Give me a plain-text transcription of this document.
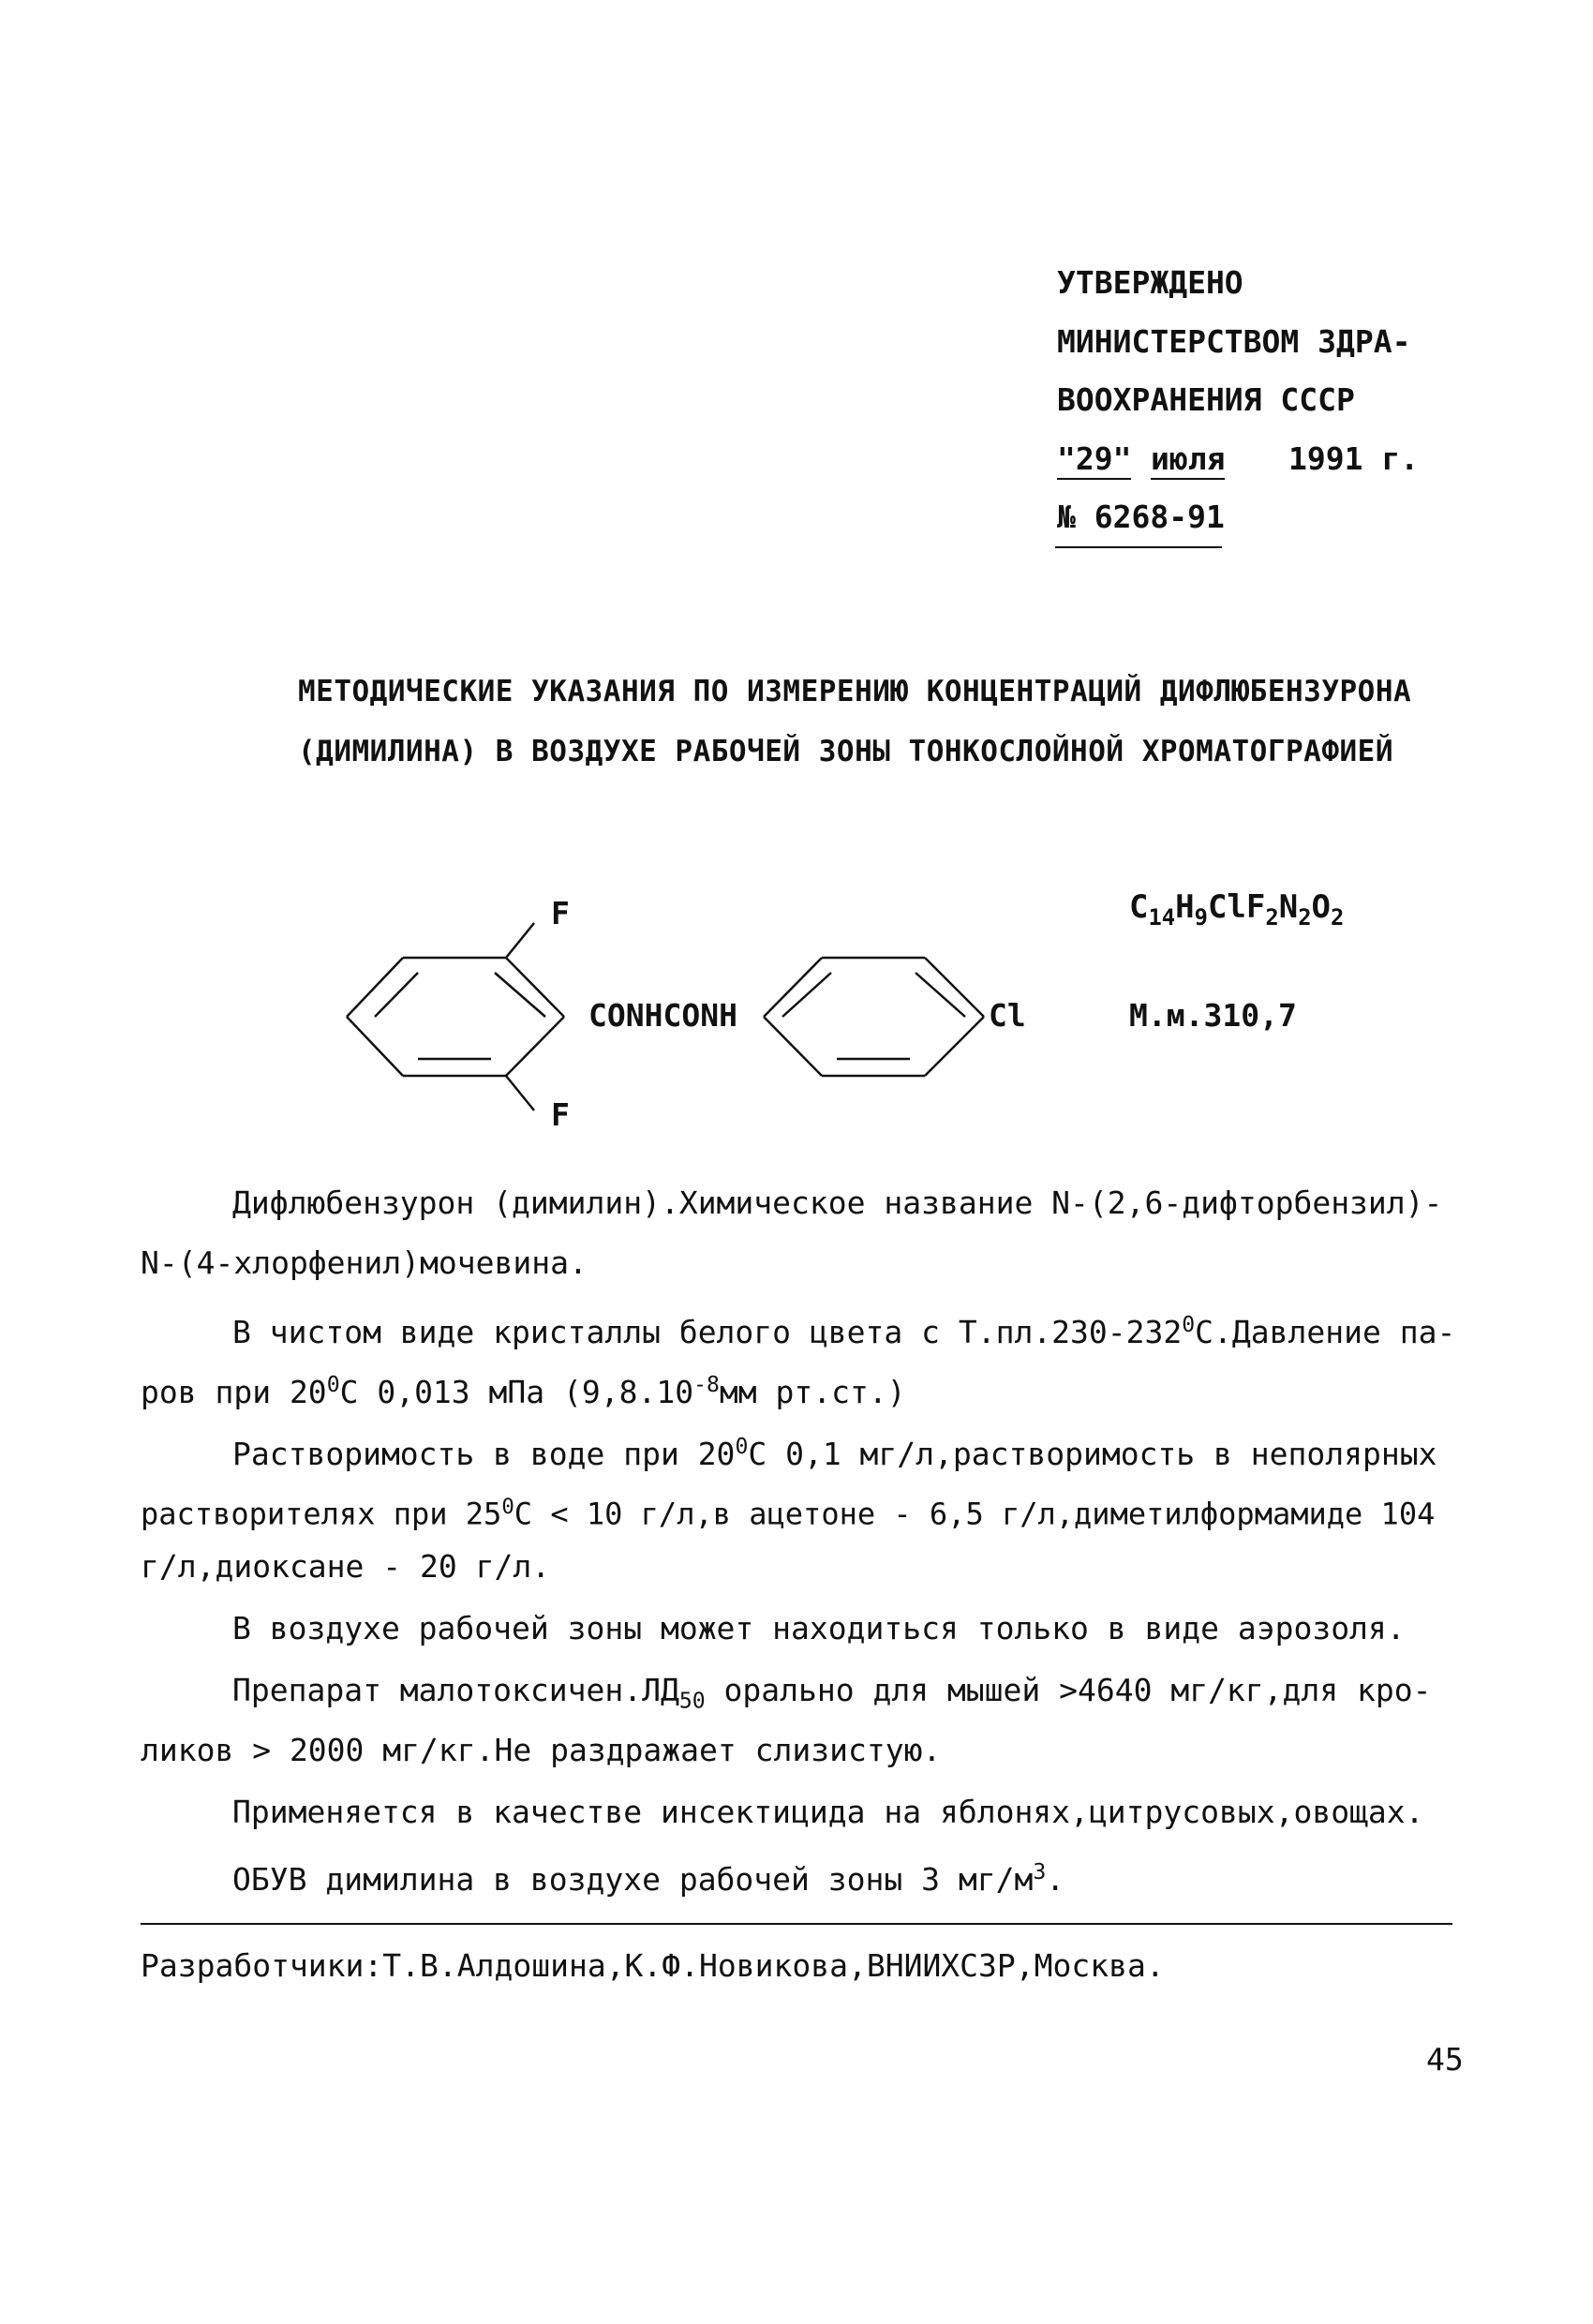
УТВЕРЖДЕНО
МИНИСТЕРСТВОМ ЗДРА-
ВООХРАНЕНИЯ СССР
"29" июля 1991 г.
№ 6268-91
МЕТОДИЧЕСКИЕ УКАЗАНИЯ ПО ИЗМЕРЕНИЮ КОНЦЕНТРАЦИЙ ДИФЛЮБЕНЗУРОНА
(ДИМИЛИНА) В ВОЗДУХЕ РАБОЧЕЙ ЗОНЫ ТОНКОСЛОЙНОЙ ХРОМАТОГРАФИЕЙ
F
F
CONHCONH	Cl
$C_{14}H_9ClF_2N_2O_2$
М.м.310,7
Дифлюбензурон (димилин).Химическое название N-(2,6-дифторбензил)-
N-(4-хлорфенил)мочевина.
В чистом виде кристаллы белого цвета с $Т.пл.230-232^0С.Давление$ па-
ров при $20^0С$ 0,013 мПа ($9,8.10^{-8}мм$ рт.ст.)
Растворимость в воде при $20^0С$ 0,1 мг/л,растворимость в неполярных
растворителях при $25^0С < 10$ г/л,в ацетоне - 6,5 г/л,диметилформамиде 104
г/л,диоксане - 20 г/л.
В воздухе рабочей зоны может находиться только в виде аэрозоля.
Препарат $малотоксичен.ЛД_{50}$ орально для мышей >4640 мг/кг,для кро-
ликов > 2000 мг/кг.Не раздражает слизистую.
Применяется в качестве инсектицида на яблонях,цитрусовых,овощах.
ОБУВ димилина в воздухе рабочей зоны 3 $мг/м^3$.
Разработчики:Т.В.Алдошина,К.Ф.Новикова,ВНИИХСЗР,Москва.
45
